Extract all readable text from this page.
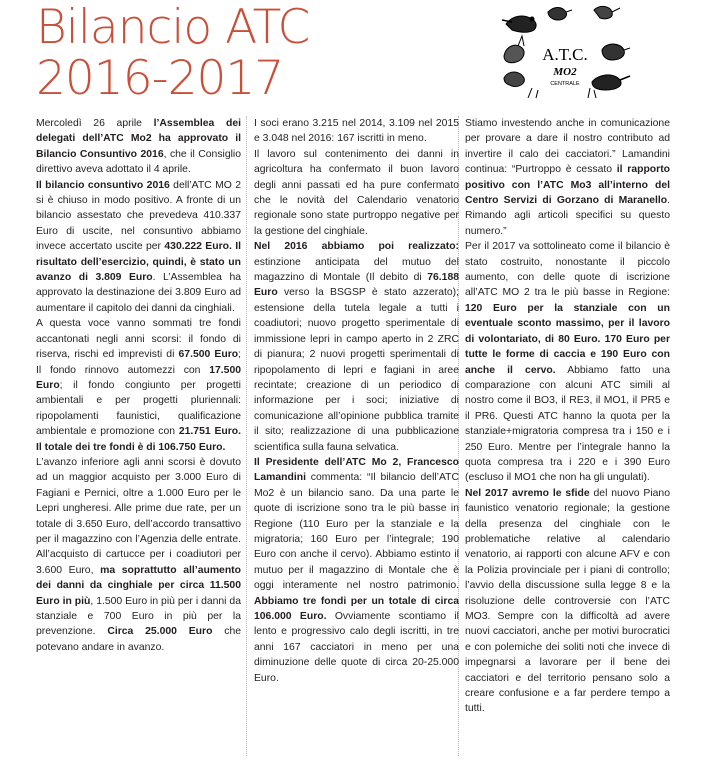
Bilancio ATC
2016-2017	A.T.C.
MO2
CENTRALE

Mercoledì 26 aprile l’Assemblea dei delegati dell’ATC Mo2 ha approvato il Bilancio Consuntivo 2016, che il Consiglio direttivo aveva adottato il 4 aprile.

Il bilancio consuntivo 2016 dell’ATC MO 2 si è chiuso in modo positivo. A fronte di un bilancio assestato che prevedeva 410.337 Euro di uscite, nel consuntivo abbiamo invece accertato uscite per 430.222 Euro. Il risultato dell’esercizio, quindi, è stato un avanzo di 3.809 Euro. L’Assemblea ha approvato la destinazione dei 3.809 Euro ad aumentare il capitolo dei danni da cinghiali.

A questa voce vanno sommati tre fondi accantonati negli anni scorsi: il fondo di riserva, rischi ed imprevisti di 67.500 Euro; Il fondo rinnovo automezzi con 17.500 Euro; il fondo congiunto per progetti ambientali e per progetti pluriennali: ripopolamenti faunistici, qualificazione ambientale e promozione con 21.751 Euro. Il totale dei tre fondi è di 106.750 Euro.

L’avanzo inferiore agli anni scorsi è dovuto ad un maggior acquisto per 3.000 Euro di Fagiani e Pernici, oltre a 1.000 Euro per le Lepri ungheresi. Alle prime due rate, per un totale di 3.650 Euro, dell’accordo transattivo per il magazzino con l’Agenzia delle entrate. All’acquisto di cartucce per i coadiutori per 3.600 Euro, ma soprattutto all’aumento dei danni da cinghiale per circa 11.500 Euro in più, 1.500 Euro in più per i danni da stanziale e 700 Euro in più per la prevenzione. Circa 25.000 Euro che potevano andare in avanzo.

I soci erano 3.215 nel 2014, 3.109 nel 2015 e 3.048 nel 2016: 167 iscritti in meno.

Il lavoro sul contenimento dei danni in agricoltura ha confermato il buon lavoro degli anni passati ed ha pure confermato che le novità del Calendario venatorio regionale sono state purtroppo negative per la gestione del cinghiale.

Nel 2016 abbiamo poi realizzato: estinzione anticipata del mutuo del magazzino di Montale (Il debito di 76.188 Euro verso la BSGSP è stato azzerato); estensione della tutela legale a tutti i coadiutori; nuovo progetto sperimentale di immissione lepri in campo aperto in 2 ZRC di pianura; 2 nuovi progetti sperimentali di ripopolamento di lepri e fagiani in aree recintate; creazione di un periodico di informazione per i soci; iniziative di comunicazione all’opinione pubblica tramite il sito; realizzazione di una pubblicazione scientifica sulla fauna selvatica.

Il Presidente dell’ATC Mo 2, Francesco Lamandini commenta: “Il bilancio dell’ATC Mo2 è un bilancio sano. Da una parte le quote di iscrizione sono tra le più basse in Regione (110 Euro per la stanziale e la migratoria; 160 Euro per l’integrale; 190 Euro con anche il cervo). Abbiamo estinto il mutuo per il magazzino di Montale che è oggi interamente nel nostro patrimonio. Abbiamo tre fondi per un totale di circa 106.000 Euro. Ovviamente scontiamo il lento e progressivo calo degli iscritti, in tre anni 167 cacciatori in meno per una diminuzione delle quote di circa 20-25.000 Euro.

Stiamo investendo anche in comunicazione per provare a dare il nostro contributo ad invertire il calo dei cacciatori.” Lamandini continua: “Purtroppo è cessato il rapporto positivo con l’ATC Mo3 all’interno del Centro Servizi di Gorzano di Maranello. Rimando agli articoli specifici su questo numero.”

Per il 2017 va sottolineato come il bilancio è stato costruito, nonostante il piccolo aumento, con delle quote di iscrizione all’ATC MO 2 tra le più basse in Regione: 120 Euro per la stanziale con un eventuale sconto massimo, per il lavoro di volontariato, di 80 Euro. 170 Euro per tutte le forme di caccia e 190 Euro con anche il cervo. Abbiamo fatto una comparazione con alcuni ATC simili al nostro come il BO3, il RE3, il MO1, il PR5 e il PR6. Questi ATC hanno la quota per la stanziale+migratoria compresa tra i 150 e i 250 Euro. Mentre per l’integrale hanno la quota compresa tra i 220 e i 390 Euro (escluso il MO1 che non ha gli ungulati).

Nel 2017 avremo le sfide del nuovo Piano faunistico venatorio regionale; la gestione della presenza del cinghiale con le problematiche relative al calendario venatorio, ai rapporti con alcune AFV e con la Polizia provinciale per i piani di controllo; l’avvio della discussione sulla legge 8 e la risoluzione delle controversie con l’ATC MO3. Sempre con la difficoltà ad avere nuovi cacciatori, anche per motivi burocratici e con polemiche dei soliti noti che invece di impegnarsi a lavorare per il bene dei cacciatori e del territorio pensano solo a creare confusione e a far perdere tempo a tutti.
